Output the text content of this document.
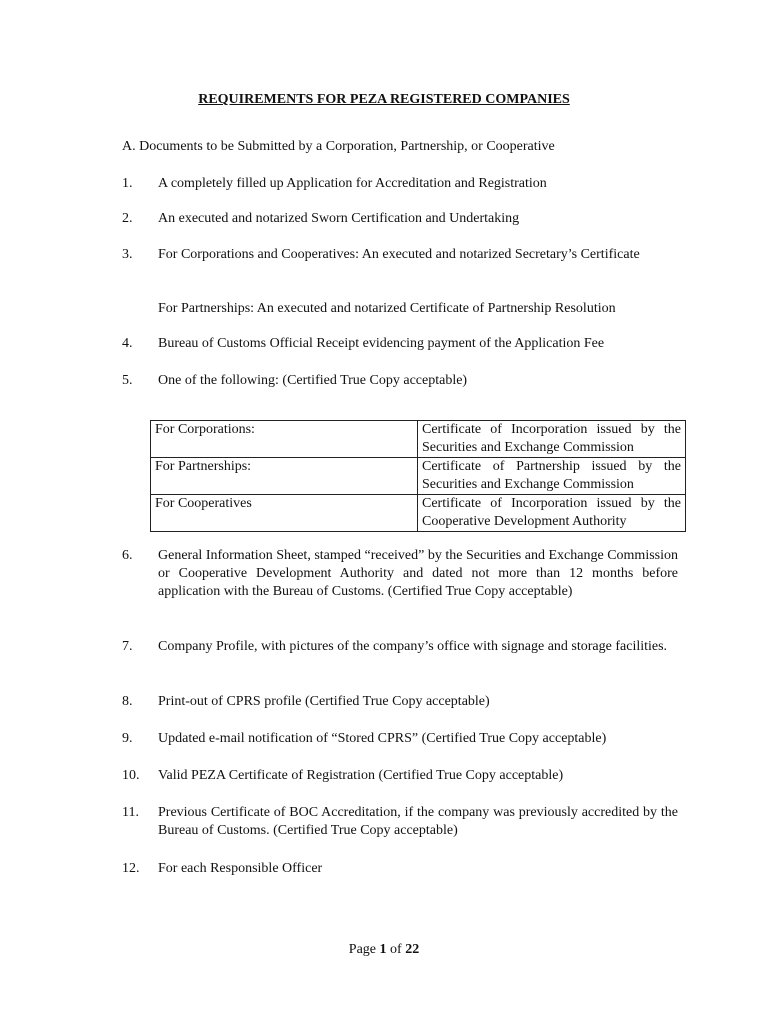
REQUIREMENTS FOR PEZA REGISTERED COMPANIES
A. Documents to be Submitted by a Corporation, Partnership, or Cooperative
1. A completely filled up Application for Accreditation and Registration
2. An executed and notarized Sworn Certification and Undertaking
3. For Corporations and Cooperatives: An executed and notarized Secretary’s Certificate
For Partnerships: An executed and notarized Certificate of Partnership Resolution
4. Bureau of Customs Official Receipt evidencing payment of the Application Fee
5. One of the following: (Certified True Copy acceptable)
For Corporations:	Certificate of Incorporation issued by the Securities and Exchange Commission
For Partnerships:	Certificate of Partnership issued by the Securities and Exchange Commission
For Cooperatives	Certificate of Incorporation issued by the Cooperative Development Authority
6. General Information Sheet, stamped “received” by the Securities and Exchange Commission or Cooperative Development Authority and dated not more than 12 months before application with the Bureau of Customs. (Certified True Copy acceptable)
7. Company Profile, with pictures of the company’s office with signage and storage facilities.
8. Print-out of CPRS profile (Certified True Copy acceptable)
9. Updated e-mail notification of “Stored CPRS” (Certified True Copy acceptable)
10. Valid PEZA Certificate of Registration (Certified True Copy acceptable)
11. Previous Certificate of BOC Accreditation, if the company was previously accredited by the Bureau of Customs. (Certified True Copy acceptable)
12. For each Responsible Officer
Page 1 of 22
